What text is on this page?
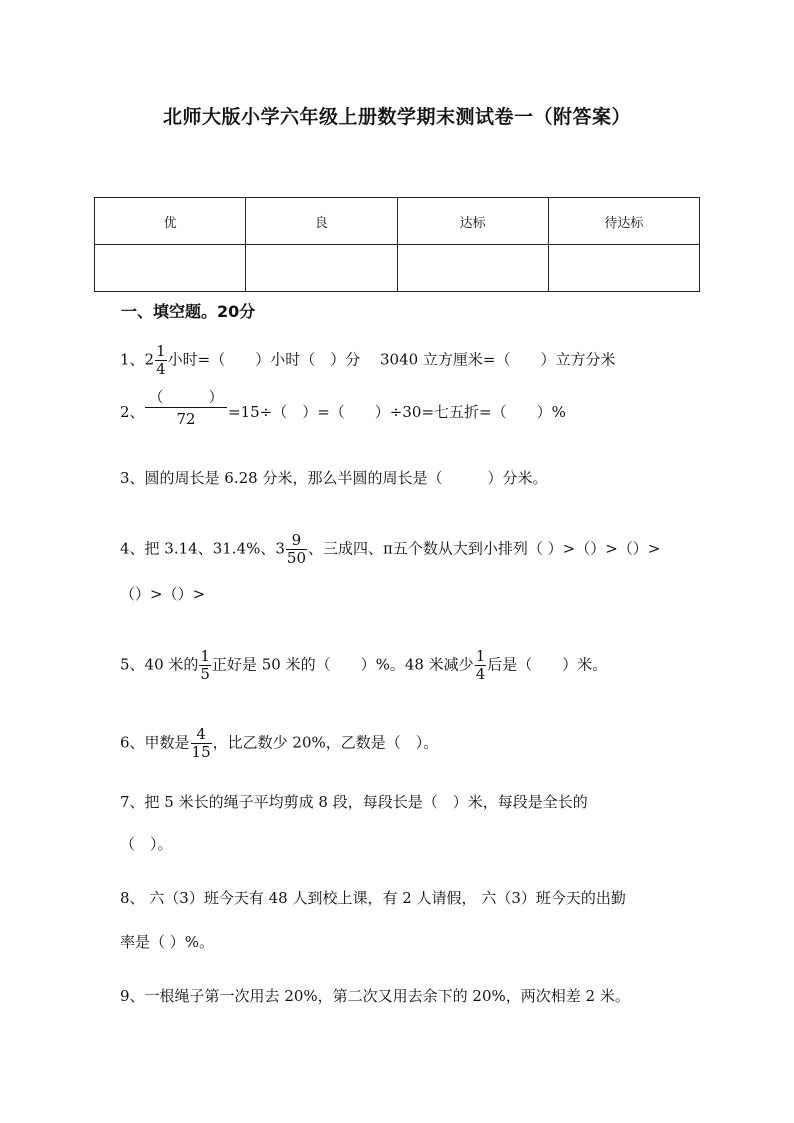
北师大版小学六年级上册数学期末测试卷一（附答案）
优	良	达标	待达标

一、填空题。20分
1、$2 \frac{1}{4}$ 小时=（　　）小时（　）分　 3040 立方厘米=（　　）立方分米
2、
（　　　）
72	=15÷（　）=（　　）÷30=七五折=（　　）%
3、圆的周长是 6.28 分米，那么半圆的周长是（　　　）分米。
4、把 3.14、31.4%、$3 \frac{9}{50}$ 、三成四、π五个数从大到小排列（ ）>（）>（）>
（）>（）>
5、40 米的 $\frac{1}{5}$ 正好是 50 米的（　　）%。48 米减少 $\frac{1}{4}$ 后是（　　）米。
6、甲数是 $\frac{4}{15}$ ，比乙数少 20%，乙数是（　）。
7、把 5 米长的绳子平均剪成 8 段，每段长是（　）米，每段是全长的
（　）。
8、 六（3）班今天有 48 人到校上课，有 2 人请假， 六（3）班今天的出勤
率是（ ）%。
9、一根绳子第一次用去 20%，第二次又用去余下的 20%，两次相差 2 米。
